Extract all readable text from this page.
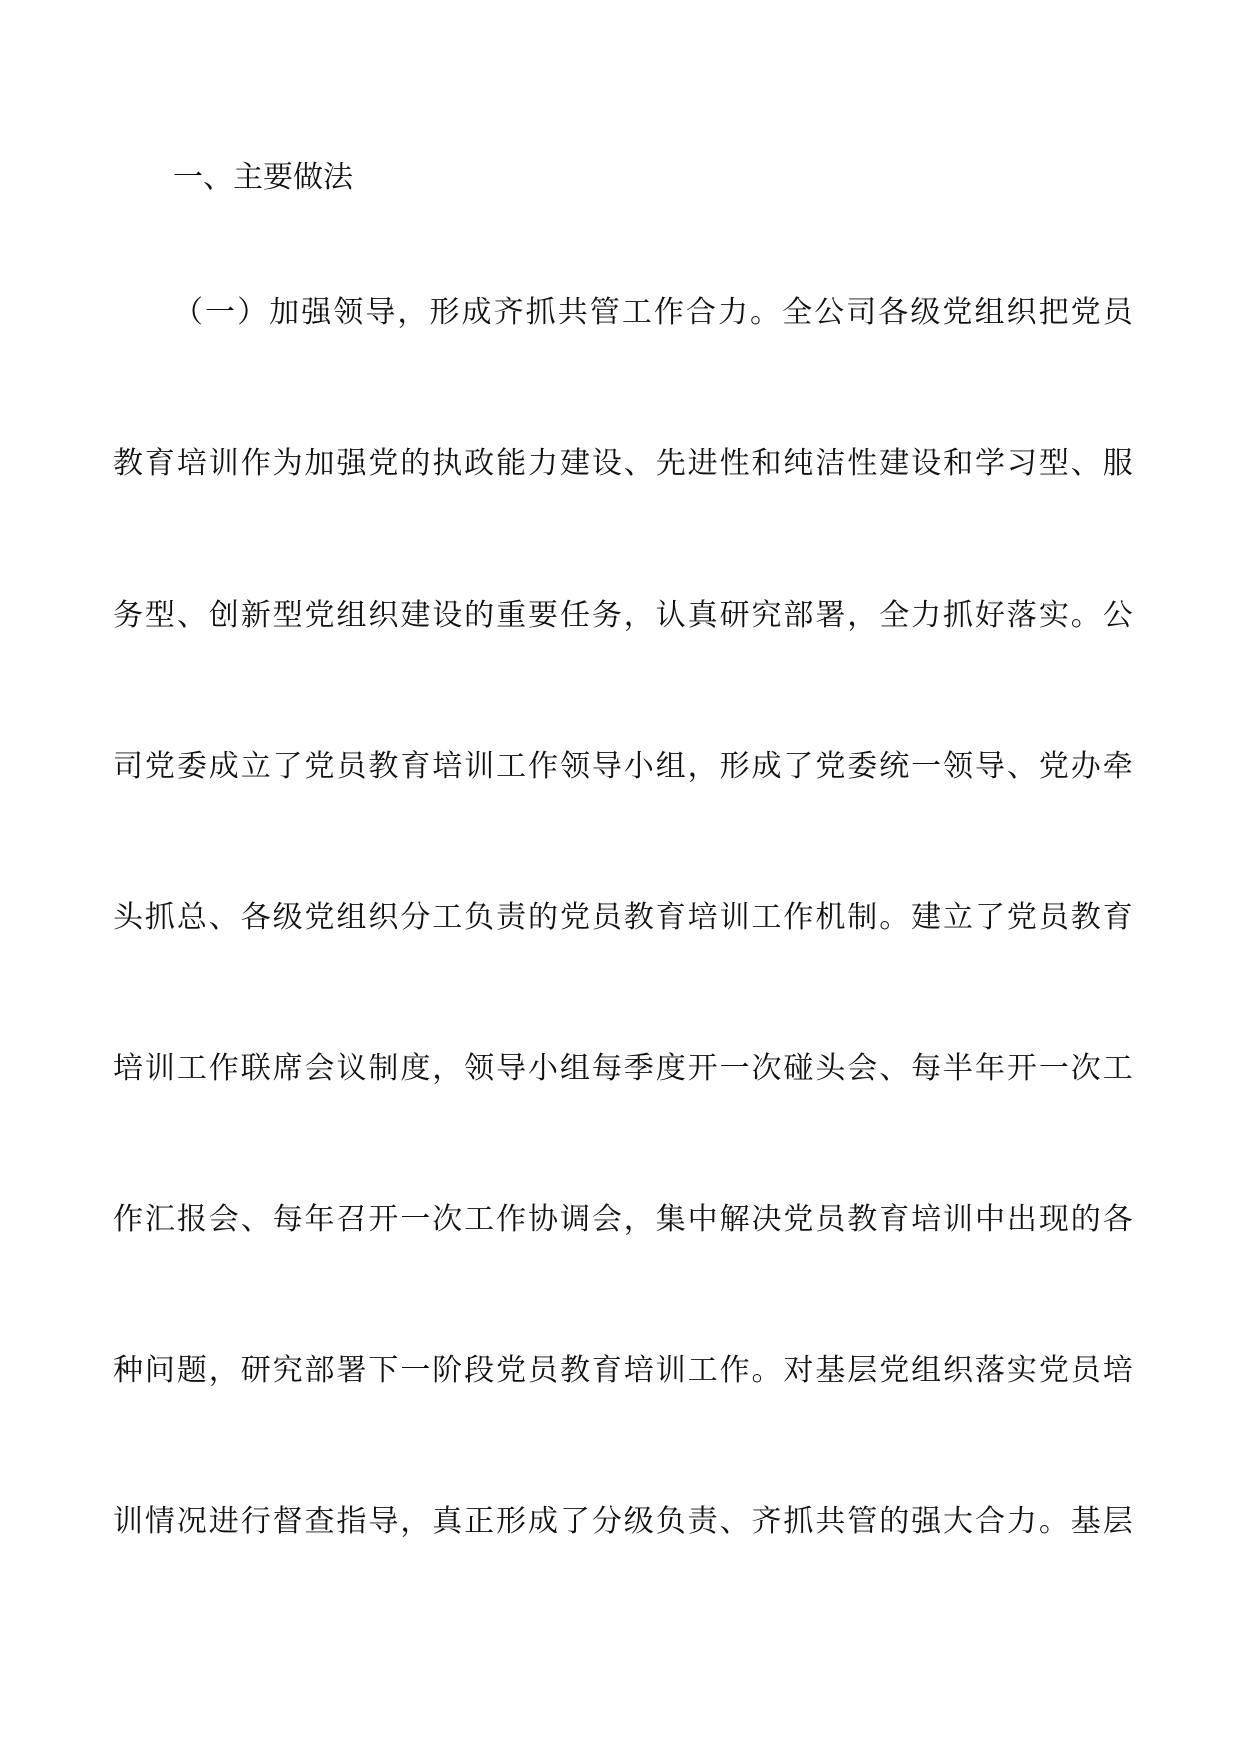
一、主要做法
（一）加强领导，形成齐抓共管工作合力。全公司各级党组织把党员
教育培训作为加强党的执政能力建设、先进性和纯洁性建设和学习型、服
务型、创新型党组织建设的重要任务，认真研究部署，全力抓好落实。公
司党委成立了党员教育培训工作领导小组，形成了党委统一领导、党办牵
头抓总、各级党组织分工负责的党员教育培训工作机制。建立了党员教育
培训工作联席会议制度，领导小组每季度开一次碰头会、每半年开一次工
作汇报会、每年召开一次工作协调会，集中解决党员教育培训中出现的各
种问题，研究部署下一阶段党员教育培训工作。对基层党组织落实党员培
训情况进行督查指导，真正形成了分级负责、齐抓共管的强大合力。基层
